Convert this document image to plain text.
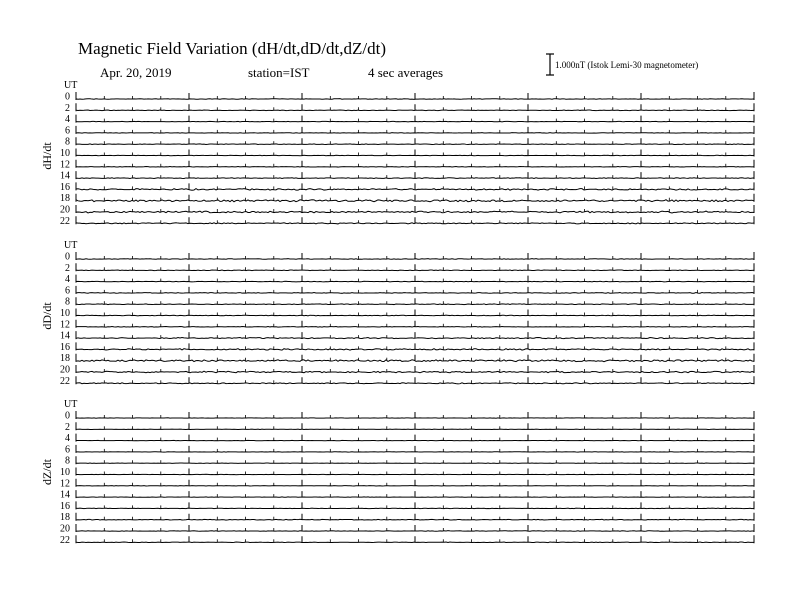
Magnetic Field Variation (dH/dt,dD/dt,dZ/dt)
Apr. 20, 2019	station=IST	4 sec averages	1.000nT (Istok Lemi-30 magnetometer)
dH/dt
UT
0
2
4
6
8
10
12
14
16
18
20
22
dD/dt
UT
0
2
4
6
8
10
12
14
16
18
20
22
dZ/dt
UT
0
2
4
6
8
10
12
14
16
18
20
22
